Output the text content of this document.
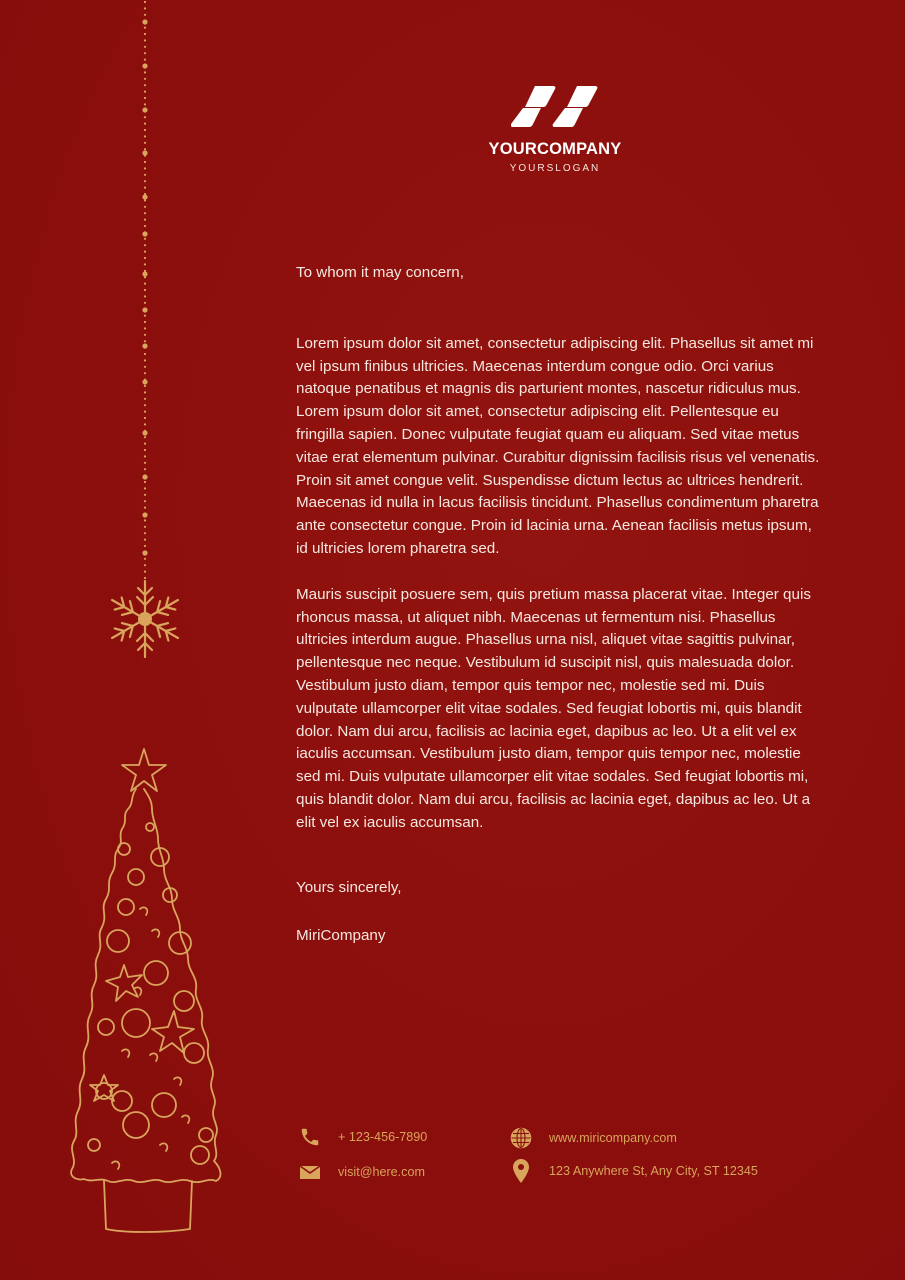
YOURCOMPANY
YOURSLOGAN

To whom it may concern,

Lorem ipsum dolor sit amet, consectetur adipiscing elit. Phasellus sit amet mi vel ipsum finibus ultricies. Maecenas interdum congue odio. Orci varius natoque penatibus et magnis dis parturient montes, nascetur ridiculus mus. Lorem ipsum dolor sit amet, consectetur adipiscing elit. Pellentesque eu fringilla sapien. Donec vulputate feugiat quam eu aliquam. Sed vitae metus vitae erat elementum pulvinar. Curabitur dignissim facilisis risus vel venenatis. Proin sit amet congue velit. Suspendisse dictum lectus ac ultrices hendrerit. Maecenas id nulla in lacus facilisis tincidunt. Phasellus condimentum pharetra ante consectetur congue. Proin id lacinia urna. Aenean facilisis metus ipsum, id ultricies lorem pharetra sed.

Mauris suscipit posuere sem, quis pretium massa placerat vitae. Integer quis rhoncus massa, ut aliquet nibh. Maecenas ut fermentum nisi. Phasellus ultricies interdum augue. Phasellus urna nisl, aliquet vitae sagittis pulvinar, pellentesque nec neque. Vestibulum id suscipit nisl, quis malesuada dolor. Vestibulum justo diam, tempor quis tempor nec, molestie sed mi. Duis vulputate ullamcorper elit vitae sodales. Sed feugiat lobortis mi, quis blandit dolor. Nam dui arcu, facilisis ac lacinia eget, dapibus ac leo. Ut a elit vel ex iaculis accumsan. Vestibulum justo diam, tempor quis tempor nec, molestie sed mi. Duis vulputate ullamcorper elit vitae sodales. Sed feugiat lobortis mi, quis blandit dolor. Nam dui arcu, facilisis ac lacinia eget, dapibus ac leo. Ut a elit vel ex iaculis accumsan.

Yours sincerely,

MiriCompany

+ 123-456-7890
visit@here.com
www.miricompany.com
123 Anywhere St, Any City, ST 12345
